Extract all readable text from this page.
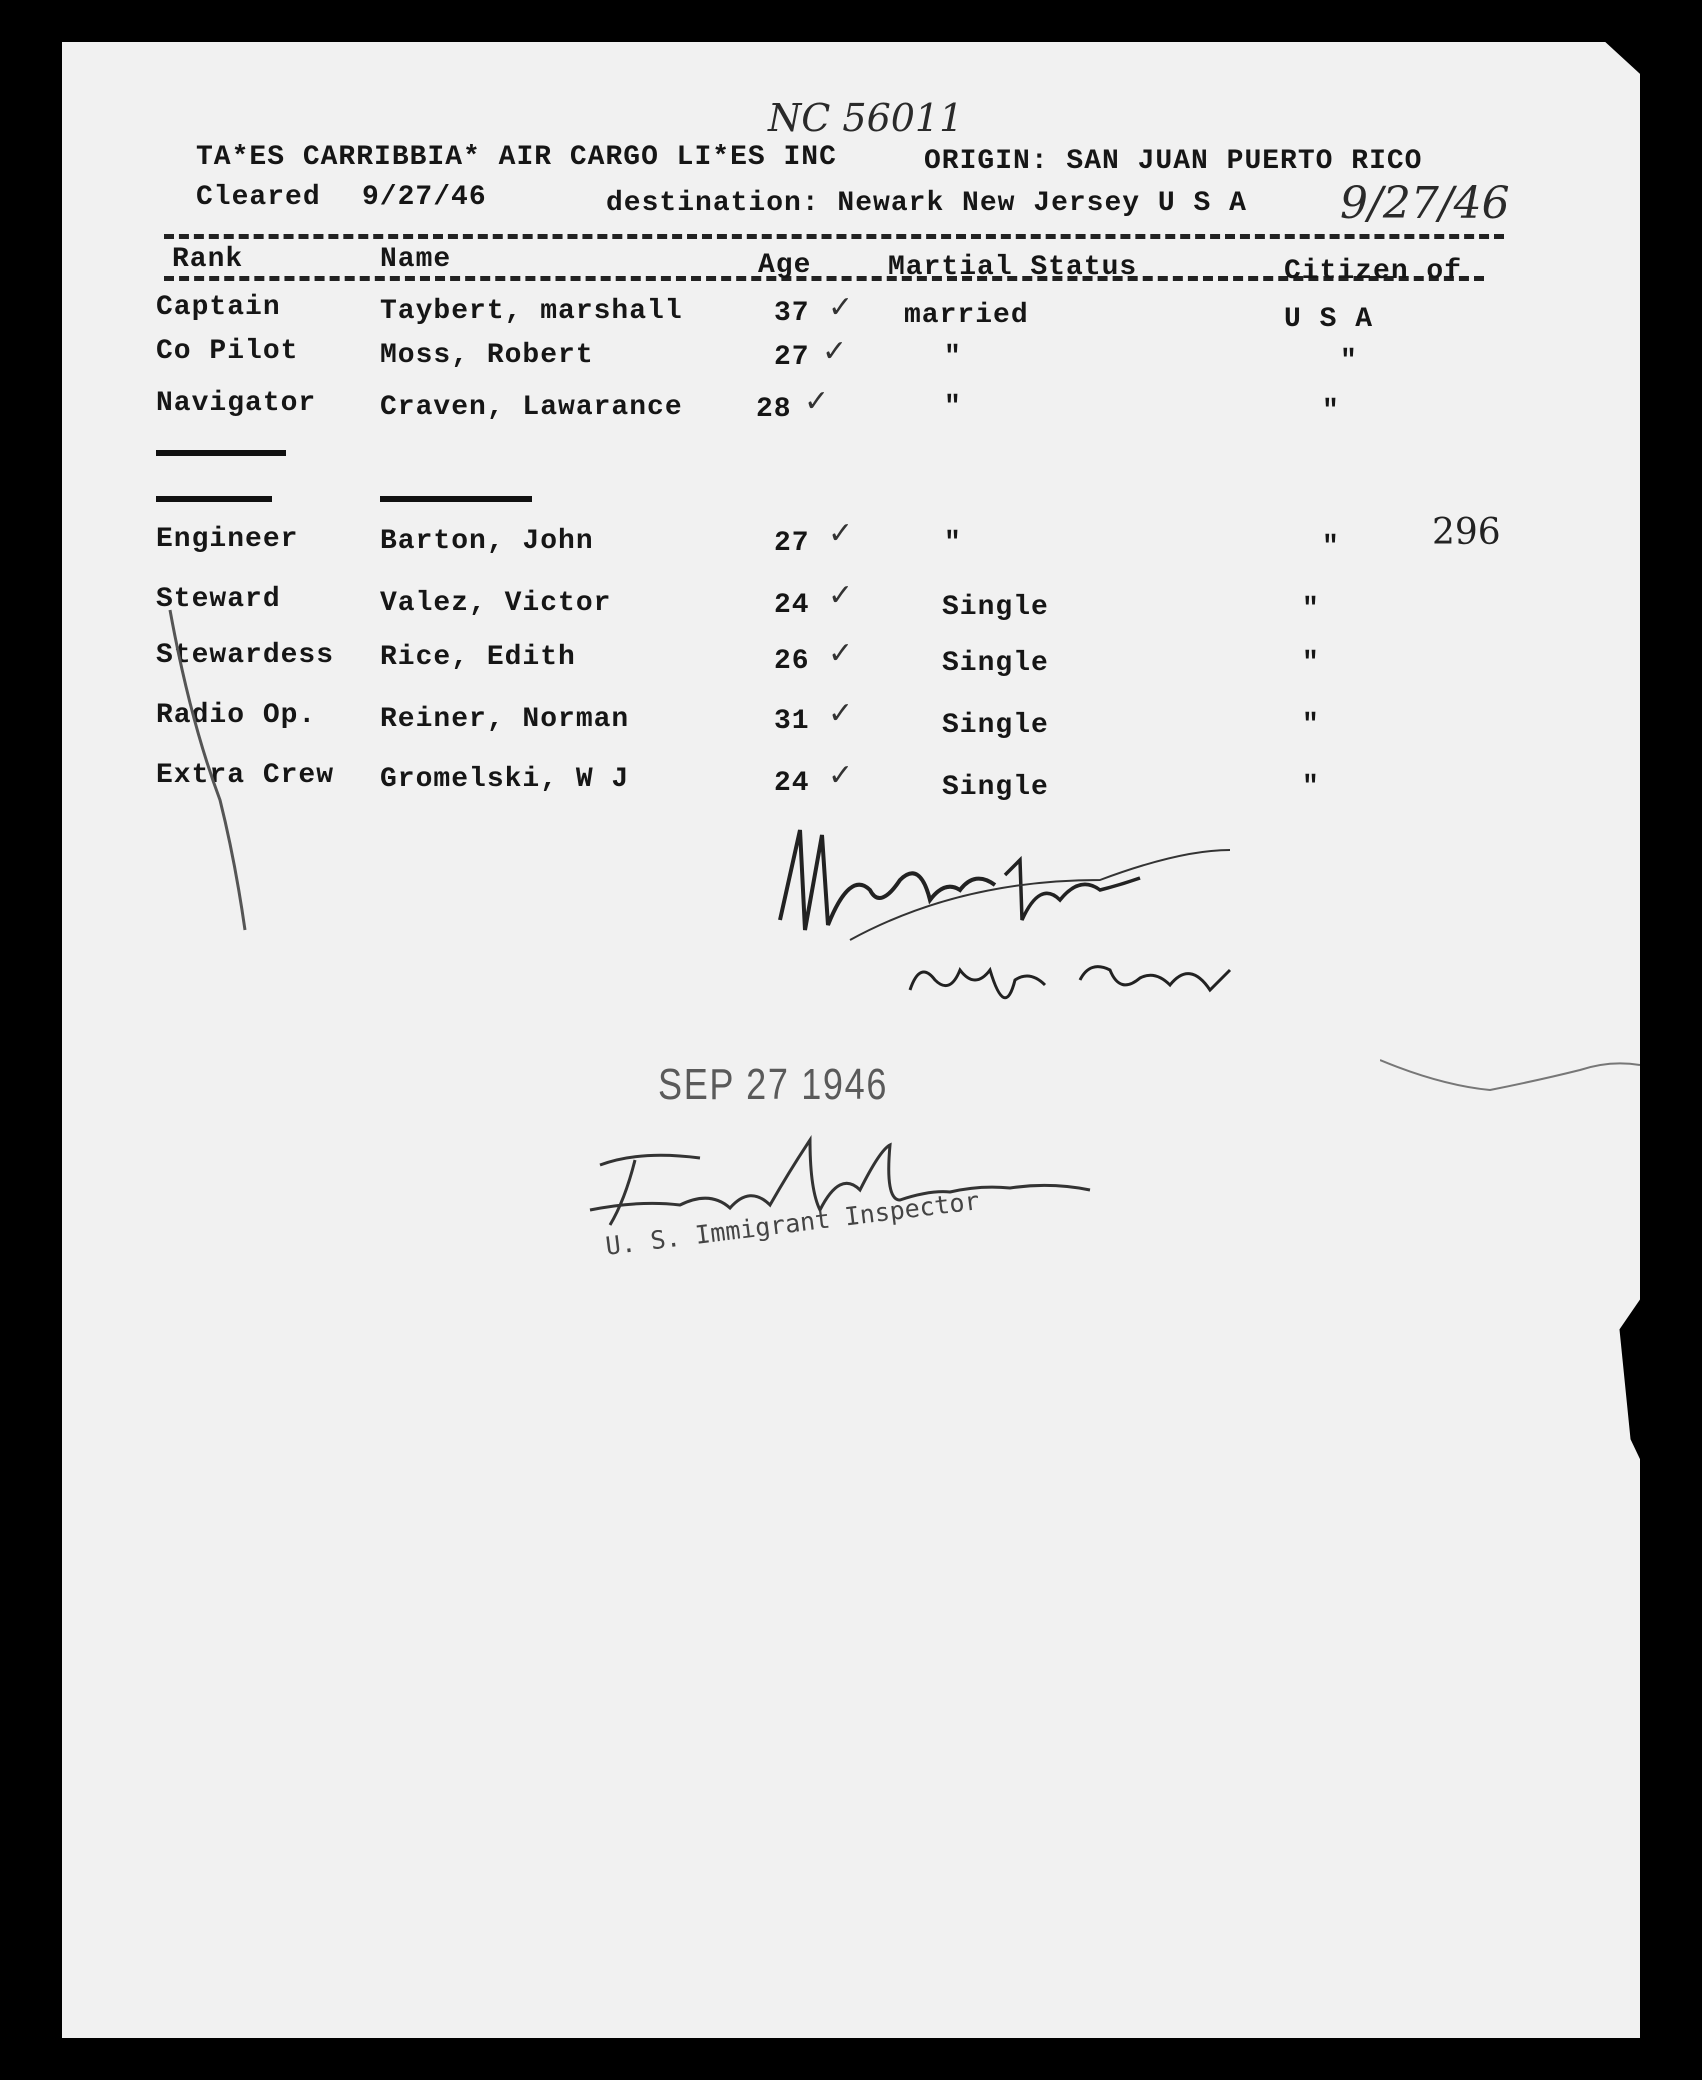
NC 56011
9/27/46
TA*ES CARRIBBIA* AIR CARGO LI*ES INC	ORIGIN: SAN JUAN PUERTO RICO
Cleared 9/27/46	destination: Newark New Jersey U S A
Rank	Name	Age	Martial Status	Citizen of
Captain	Taybert, marshall	37 ✓ married	U S A
Co Pilot	Moss, Robert	27 ✓	"	"
Navigator Craven, Lawarance	28 ✓	"	"
Engineer	Barton, John	27 ✓	"	"	296
Steward	Valez, Victor	24 ✓	Single	"
Stewardess Rice, Edith	26 ✓	Single	"
Radio Op. Reiner, Norman	31 ✓	Single	"
Extra Crew Gromelski, W J	24 ✓	Single	"
SEP 27 1946
U. S. Immigrant Inspector
